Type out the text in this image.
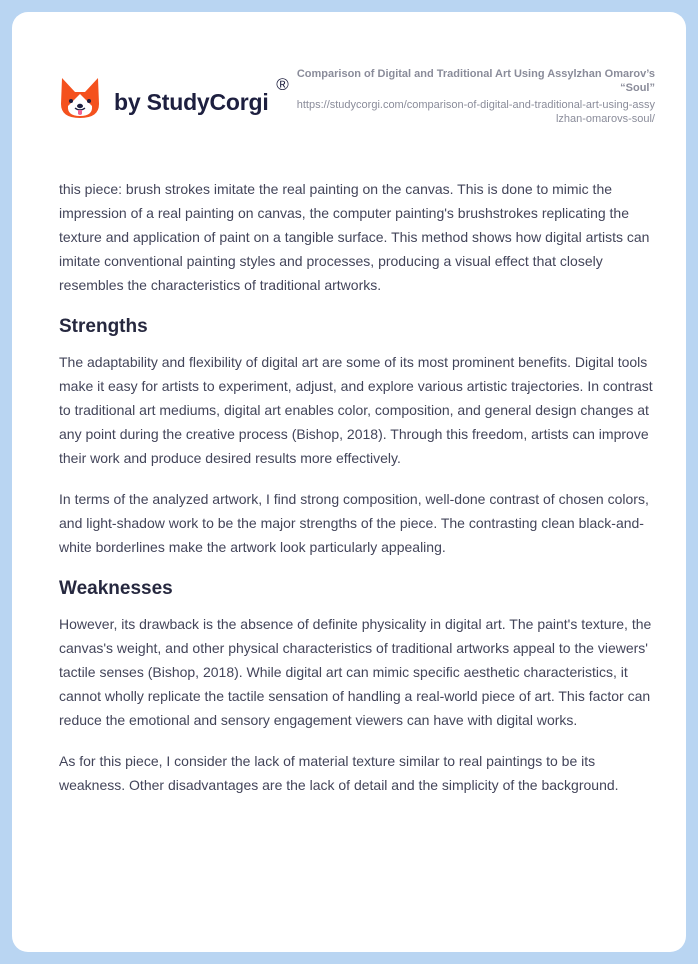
by StudyCorgi
®
Comparison of Digital and Traditional Art Using Assylzhan Omarov’s “Soul”
https://studycorgi.com/comparison-of-digital-and-traditional-art-using-assylzhan-omarovs-soul/

this piece: brush strokes imitate the real painting on the canvas. This is done to mimic the impression of a real painting on canvas, the computer painting's brushstrokes replicating the texture and application of paint on a tangible surface. This method shows how digital artists can imitate conventional painting styles and processes, producing a visual effect that closely resembles the characteristics of traditional artworks.

Strengths

The adaptability and flexibility of digital art are some of its most prominent benefits. Digital tools make it easy for artists to experiment, adjust, and explore various artistic trajectories. In contrast to traditional art mediums, digital art enables color, composition, and general design changes at any point during the creative process (Bishop, 2018). Through this freedom, artists can improve their work and produce desired results more effectively.

In terms of the analyzed artwork, I find strong composition, well-done contrast of chosen colors, and light-shadow work to be the major strengths of the piece. The contrasting clean black-and-white borderlines make the artwork look particularly appealing.

Weaknesses

However, its drawback is the absence of definite physicality in digital art. The paint's texture, the canvas's weight, and other physical characteristics of traditional artworks appeal to the viewers' tactile senses (Bishop, 2018). While digital art can mimic specific aesthetic characteristics, it cannot wholly replicate the tactile sensation of handling a real-world piece of art. This factor can reduce the emotional and sensory engagement viewers can have with digital works.

As for this piece, I consider the lack of material texture similar to real paintings to be its weakness. Other disadvantages are the lack of detail and the simplicity of the background.
